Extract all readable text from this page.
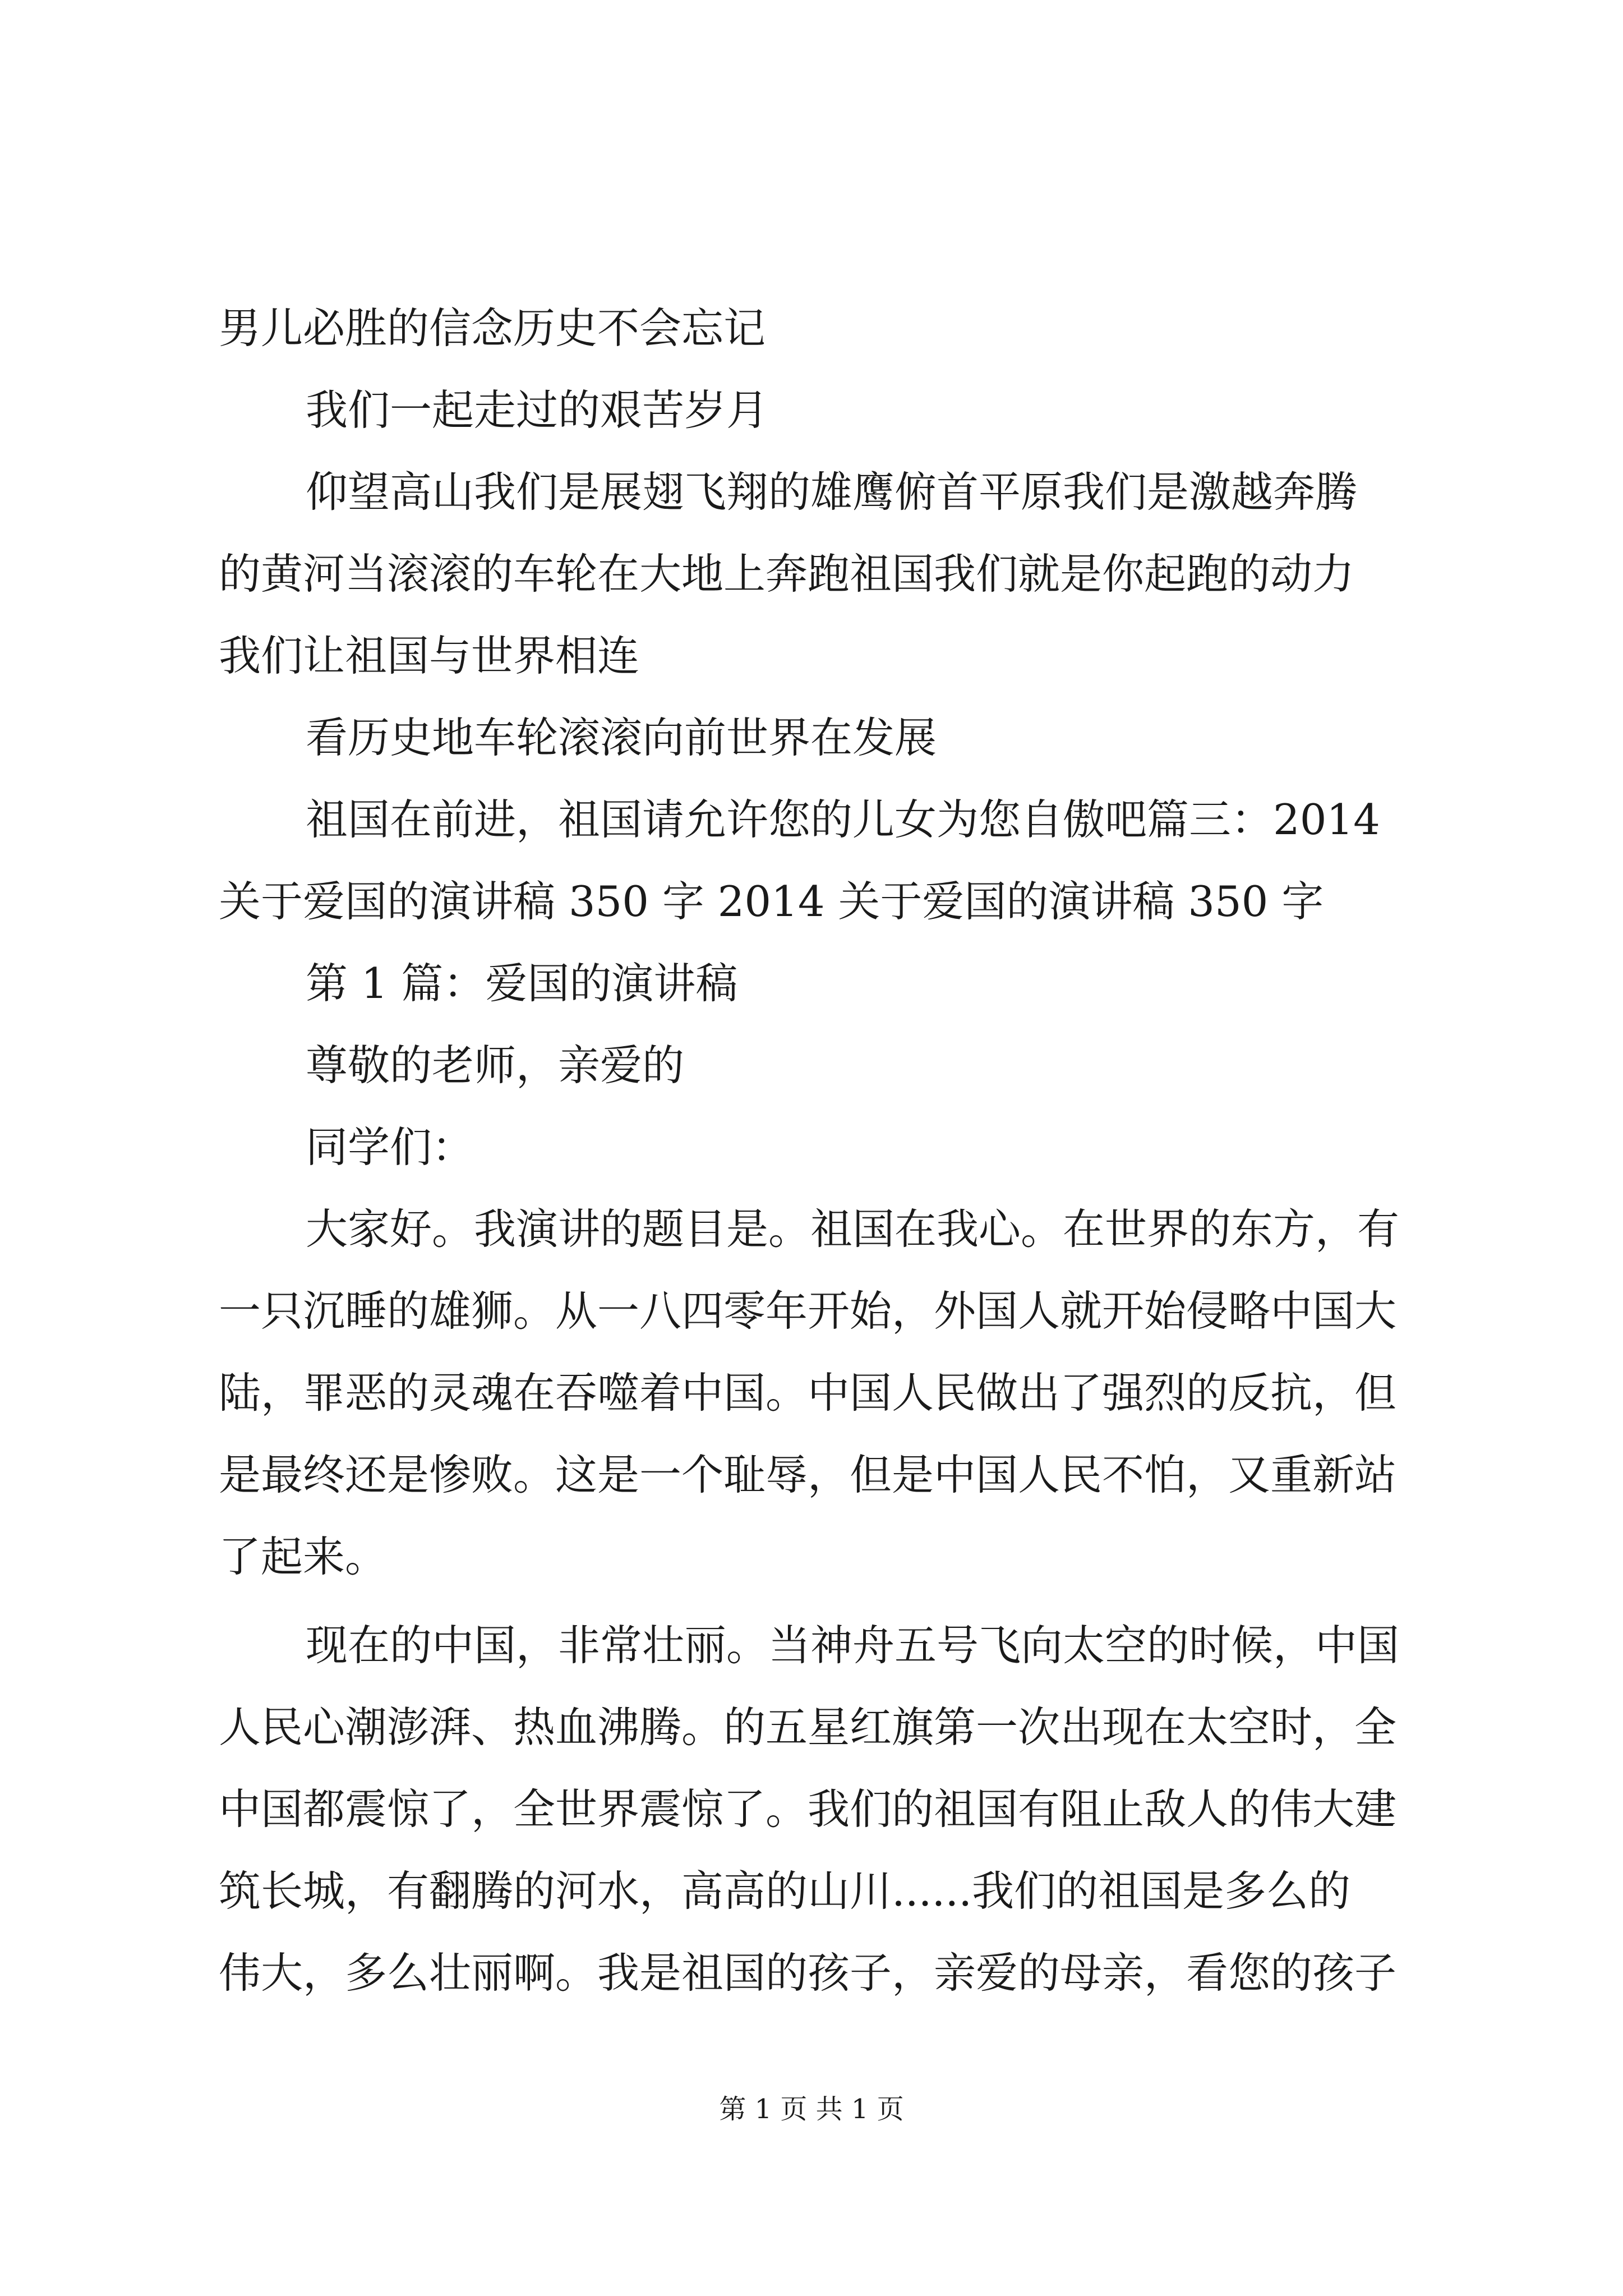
男儿必胜的信念历史不会忘记
我们一起走过的艰苦岁月
仰望高山我们是展翅飞翔的雄鹰俯首平原我们是激越奔腾
的黄河当滚滚的车轮在大地上奔跑祖国我们就是你起跑的动力
我们让祖国与世界相连
看历史地车轮滚滚向前世界在发展
祖国在前进，祖国请允许您的儿女为您自傲吧篇三：2014
关于爱国的演讲稿 350 字 2014 关于爱国的演讲稿 350 字
第 1 篇：爱国的演讲稿
尊敬的老师，亲爱的
同学们：
大家好。我演讲的题目是。祖国在我心。在世界的东方，有
一只沉睡的雄狮。从一八四零年开始，外国人就开始侵略中国大
陆，罪恶的灵魂在吞噬着中国。中国人民做出了强烈的反抗，但
是最终还是惨败。这是一个耻辱，但是中国人民不怕，又重新站
了起来。
现在的中国，非常壮丽。当神舟五号飞向太空的时候，中国
人民心潮澎湃、热血沸腾。的五星红旗第一次出现在太空时，全
中国都震惊了，全世界震惊了。我们的祖国有阻止敌人的伟大建
筑长城，有翻腾的河水，高高的山川......我们的祖国是多么的
伟大，多么壮丽啊。我是祖国的孩子，亲爱的母亲，看您的孩子
第 1 页 共 1 页
